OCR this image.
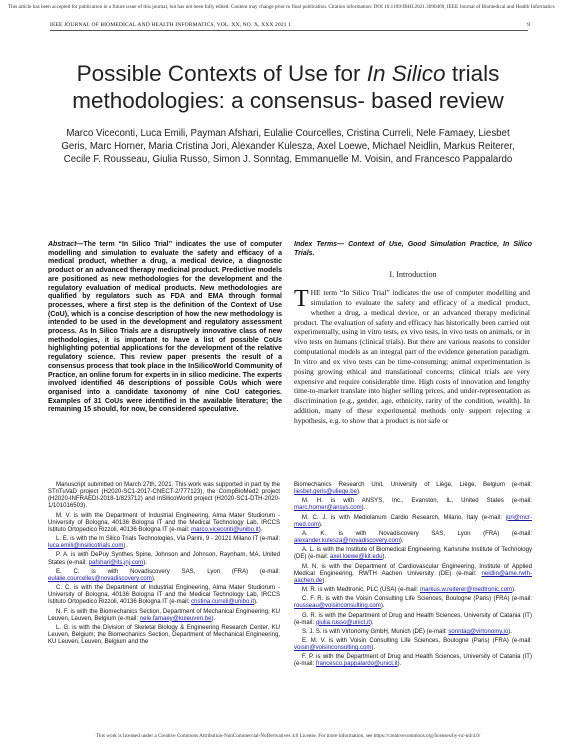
This article has been accepted for publication in a future issue of this journal, but has not been fully edited. Content may change prior to final publication. Citation information: DOI 10.1109/JBHI.2021.3090469, IEEE Journal of Biomedical and Health Informatics
IEEE JOURNAL OF BIOMEDICAL AND HEALTH INFORMATICS, VOL. XX, NO. X, XXX 2021 1	9
Possible Contexts of Use for In Silico trials methodologies: a consensus- based review
Marco Viceconti, Luca Emili, Payman Afshari, Eulalie Courcelles, Cristina Curreli, Nele Famaey, Liesbet Geris, Marc Horner, Maria Cristina Jori, Alexander Kulesza, Axel Loewe, Michael Neidlin, Markus Reiterer, Cecile F. Rousseau, Giulia Russo, Simon J. Sonntag, Emmanuelle M. Voisin, and Francesco Pappalardo
Abstract—The term “In Silico Trial” indicates the use of computer modelling and simulation to evaluate the safety and efficacy of a medical product, whether a drug, a medical device, a diagnostic product or an advanced therapy medicinal product. Predictive models are positioned as new methodologies for the development and the regulatory evaluation of medical products. New methodologies are qualified by regulators such as FDA and EMA through formal processes, where a first step is the definition of the Context of Use (CoU), which is a concise description of how the new methodology is intended to be used in the development and regulatory assessment process. As In Silico Trials are a disruptively innovative class of new methodologies, it is important to have a list of possible CoUs highlighting potential applications for the development of the relative regulatory science. This review paper presents the result of a consensus process that took place in the InSilicoWorld Community of Practice, an online forum for experts in in silico medicine. The experts involved identified 46 descriptions of possible CoUs which were organised into a candidate taxonomy of nine CoU categories. Examples of 31 CoUs were identified in the available literature; the remaining 15 should, for now, be considered speculative.
Index Terms— Context of Use, Good Simulation Practice, In Silico Trials.
I. Introduction
THE term “In Silico Trial” indicates the use of computer modelling and simulation to evaluate the safety and efficacy of a medical product, whether a drug, a medical device, or an advanced therapy medicinal product. The evaluation of safety and efficacy has historically been carried out experimentally, using in vitro tests, ex vivo tests, in vivo tests on animals, or in vivo tests on humans (clinical trials). But there are various reasons to consider computational models as an integral part of the evidence generation paradigm. In vitro and ex vivo tests can be time-consuming; animal experimentation is posing growing ethical and translational concerns; clinical trials are very expensive and require considerable time. High costs of innovation and lengthy time-to-market translate into higher selling prices, and under-representation as discrimination (e.g., gender, age, ethnicity, rarity of the condition, wealth). In addition, many of these experimental methods only support rejecting a hypothesis, e.g. to show that a product is not safe or

Manuscript submitted on March 27th, 2021. This work was supported in part by the STriTuVaD project (H2020-SC1-2017-CNECT-2/777123), the CompBioMed2 project (H2020-INFRAEDI-2018-1/823712) and InSilicoWorld project (H2020-SC1-DTH-2020-1/101016503).

M. V. is with the Department of Industrial Engineering, Alma Mater Studiorum - University of Bologna, 40136 Bologna IT and the Medical Technology Lab, IRCCS Istituto Ortopedico Rizzoli, 40136 Bologna IT (e-mail: marco.viceconti@unibo.it).

L. E. is with the In Silico Trials Technologies, Via Parini, 9 - 20121 Milano IT (e-mail: luca.emili@insilicotrials.com).

P. A. is with DePuy Synthes Spine, Johnson and Johnson, Raynham, MA, United States (e-mail: pafshari@its.jnj.com).

E. C. is with Novadiscovery SAS, Lyon (FRA) (e-mail: eulalie.courcelles@novadiscovery.com).

C. C. is with the Department of Industrial Engineering, Alma Mater Studiorum - University of Bologna, 40136 Bologna IT and the Medical Technology Lab, IRCCS Istituto Ortopedico Rizzoli, 40136 Bologna IT (e-mail: cristina.curreli@unibo.it).

N. F. is with the Biomechanics Section, Department of Mechanical Engineering, KU Leuven, Leuven, Belgium (e-mail: nele.famaey@kuleuven.be).

L. G. is with the Division of Skeletal Biology & Engineering Research Center, KU Leuven, Belgium; the Biomechanics Section, Department of Mechanical Engineering, KU Leuven, Leuven, Belgium and the

Biomechanics Research Unit, University of Liège, Liège, Belgium (e-mail: liesbet.geris@uliege.be).

M. H. is with ANSYS, Inc., Evanston, IL, United States (e-mail: marc.horner@ansys.com).

M. C. J. is with Mediolanum Cardio Research, Milano, Italy (e-mail: jori@mcr-med.com).

A. K. is with Novadiscovery SAS, Lyon (FRA) (e-mail: alexander.kulesza@novadiscovery.com).

A. L. is with the Institute of Biomedical Engineering, Karlsruhe Institute of Technology (DE) (e-mail: axel.loewe@kit.edu).

M. N. is with the Department of Cardiovascular Engineering, Institute of Applied Medical Engineering, RWTH Aachen University (DE) (e-mail: neidlin@ame.rwth-aachen.de).

M. R. is with Medtronic, PLC (USA) (e-mail: markus.w.reiterer@medtronic.com).

C. F. R. is with the Voisin Consulting Life Sciences, Boulogne (Paris) (FRA) (e-mail: rousseau@voisinconsulting.com).

G. R. is with the Department of Drug and Health Sciences, University of Catania (IT) (e-mail: giulia.russo@unict.it).

S. J. S. is with Virtonomy GmbH, Munich (DE) (e-mail: sonntag@virtonomy.io).

E. M. V. is with Voisin Consulting Life Sciences, Boulogne (Paris) (FRA) (e-mail: voisin@voisinconsulting.com).

F. P. is with the Department of Drug and Health Sciences, University of Catania (IT) (e-mail: francesco.pappalardo@unict.it).

This work is licensed under a Creative Commons Attribution-NonCommercial-NoDerivatives 4.0 License. For more information, see https://creativecommons.org/licenses/by-nc-nd/4.0/
